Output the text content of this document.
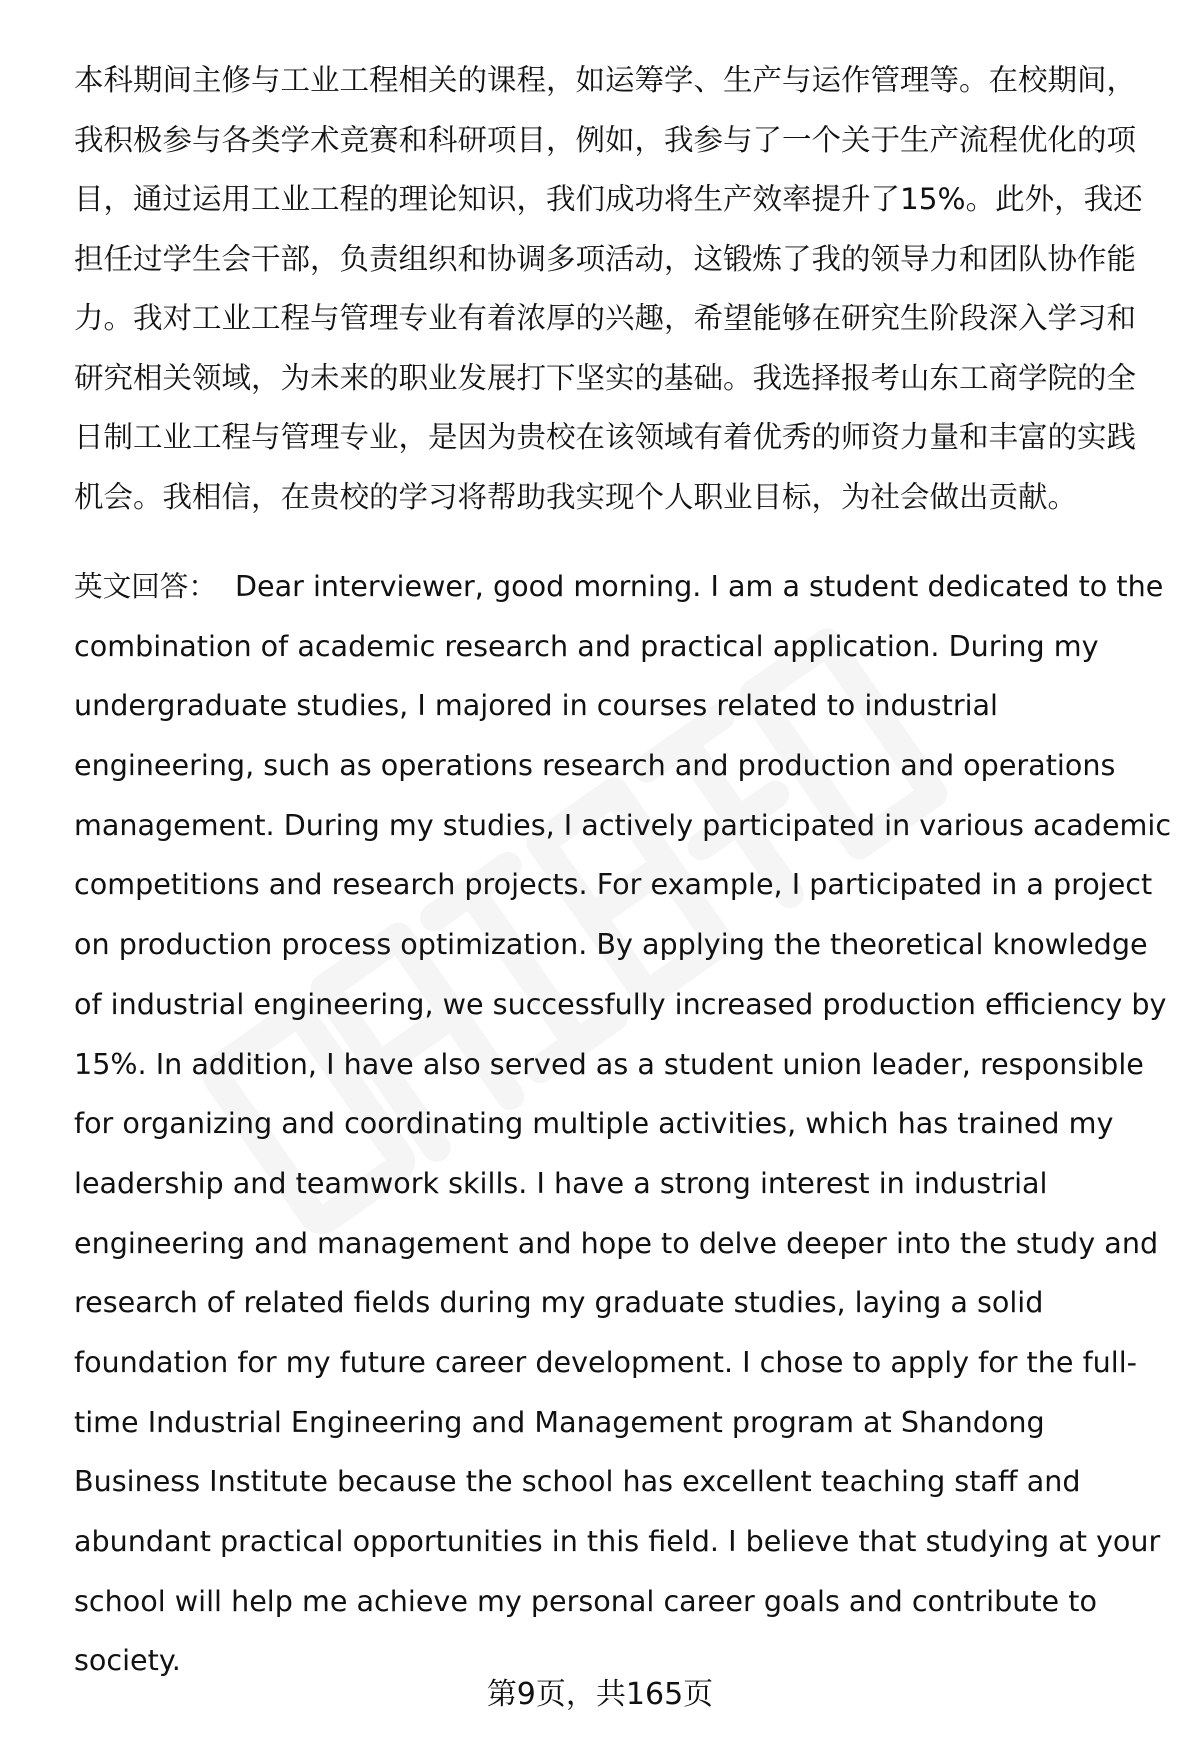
本科期间主修与工业工程相关的课程，如运筹学、生产与运作管理等。在校期间，
我积极参与各类学术竞赛和科研项目，例如，我参与了一个关于生产流程优化的项
目，通过运用工业工程的理论知识，我们成功将生产效率提升了15%。此外，我还
担任过学生会干部，负责组织和协调多项活动，这锻炼了我的领导力和团队协作能
力。我对工业工程与管理专业有着浓厚的兴趣，希望能够在研究生阶段深入学习和
研究相关领域，为未来的职业发展打下坚实的基础。我选择报考山东工商学院的全
日制工业工程与管理专业，是因为贵校在该领域有着优秀的师资力量和丰富的实践
机会。我相信，在贵校的学习将帮助我实现个人职业目标，为社会做出贡献。
英文回答： Dear interviewer, good morning. I am a student dedicated to the
combination of academic research and practical application. During my
undergraduate studies, I majored in courses related to industrial
engineering, such as operations research and production and operations
management. During my studies, I actively participated in various academic
competitions and research projects. For example, I participated in a project
on production process optimization. By applying the theoretical knowledge
of industrial engineering, we successfully increased production efficiency by
15%. In addition, I have also served as a student union leader, responsible
for organizing and coordinating multiple activities, which has trained my
leadership and teamwork skills. I have a strong interest in industrial
engineering and management and hope to delve deeper into the study and
research of related fields during my graduate studies, laying a solid
foundation for my future career development. I chose to apply for the full-
time Industrial Engineering and Management program at Shandong
Business Institute because the school has excellent teaching staff and
abundant practical opportunities in this field. I believe that studying at your
school will help me achieve my personal career goals and contribute to
society.
第9页，共165页
